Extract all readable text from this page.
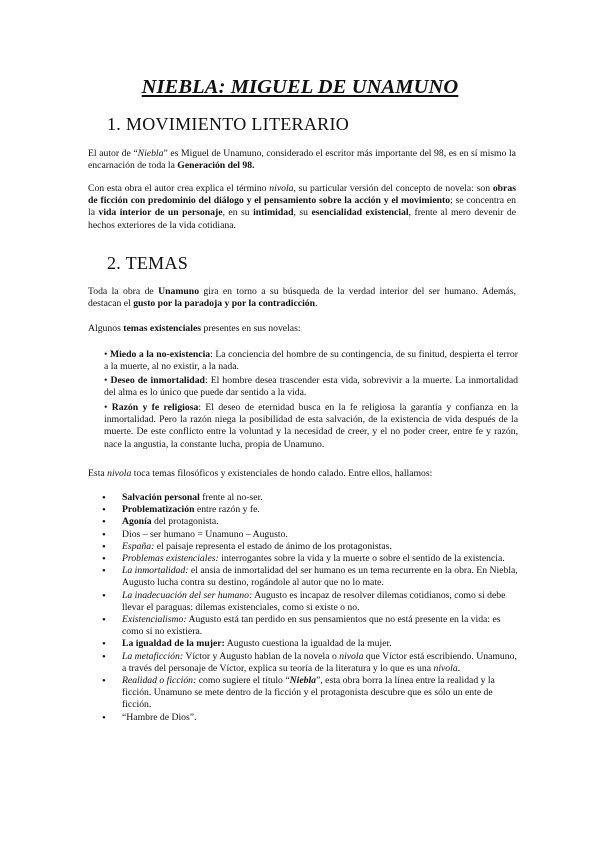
NIEBLA: MIGUEL DE UNAMUNO
1. MOVIMIENTO LITERARIO

El autor de “Niebla” es Miguel de Unamuno, considerado el escritor más importante del 98, es en sí mismo la encarnación de toda la Generación del 98.

Con esta obra el autor crea explica el término nivola, su particular versión del concepto de novela: son obras de ficción con predominio del diálogo y el pensamiento sobre la acción y el movimiento; se concentra en la vida interior de un personaje, en su intimidad, su esencialidad existencial, frente al mero devenir de hechos exteriores de la vida cotidiana.

2. TEMAS

Toda la obra de Unamuno gira en torno a su búsqueda de la verdad interior del ser humano. Además, destacan el gusto por la paradoja y por la contradicción.

Algunos temas existenciales presentes en sus novelas:

• Miedo a la no-existencia: La conciencia del hombre de su contingencia, de su finitud, despierta el terror a la muerte, al no existir, a la nada.

• Deseo de inmortalidad: El hombre desea trascender esta vida, sobrevivir a la muerte. La inmortalidad del alma es lo único que puede dar sentido a la vida.

• Razón y fe religiosa: El deseo de eternidad busca en la fe religiosa la garantía y confianza en la inmortalidad. Pero la razón niega la posibilidad de esta salvación, de la existencia de vida después de la muerte. De este conflicto entre la voluntad y la necesidad de creer, y el no poder creer, entre fe y razón, nace la angustia, la constante lucha, propia de Unamuno.

Esta nivola toca temas filosóficos y existenciales de hondo calado. Entre ellos, hallamos:

• Salvación personal frente al no-ser.
• Problematización entre razón y fe.
• Agonía del protagonista.
• Dios – ser humano = Unamuno – Augusto.
• España: el paisaje representa el estado de ánimo de los protagonistas.
• Problemas existenciales: interrogantes sobre la vida y la muerte o sobre el sentido de la existencia.
• La inmortalidad: el ansia de inmortalidad del ser humano es un tema recurrente en la obra. En Niebla, Augusto lucha contra su destino, rogándole al autor que no lo mate.
• La inadecuación del ser humano: Augusto es incapaz de resolver dilemas cotidianos, como si debe llevar el paraguas: dilemas existenciales, como si existe o no.
• Existencialismo: Augusto está tan perdido en sus pensamientos que no está presente en la vida: es como si no existiera.
• La igualdad de la mujer: Augusto cuestiona la igualdad de la mujer.
• La metaficción: Víctor y Augusto hablan de la novela o nivola que Víctor está escribiendo. Unamuno, a través del personaje de Víctor, explica su teoría de la literatura y lo que es una nivola.
• Realidad o ficción: como sugiere el título “Niebla”, esta obra borra la línea entre la realidad y la ficción. Unamuno se mete dentro de la ficción y el protagonista descubre que es sólo un ente de ficción.
• “Hambre de Dios”.
